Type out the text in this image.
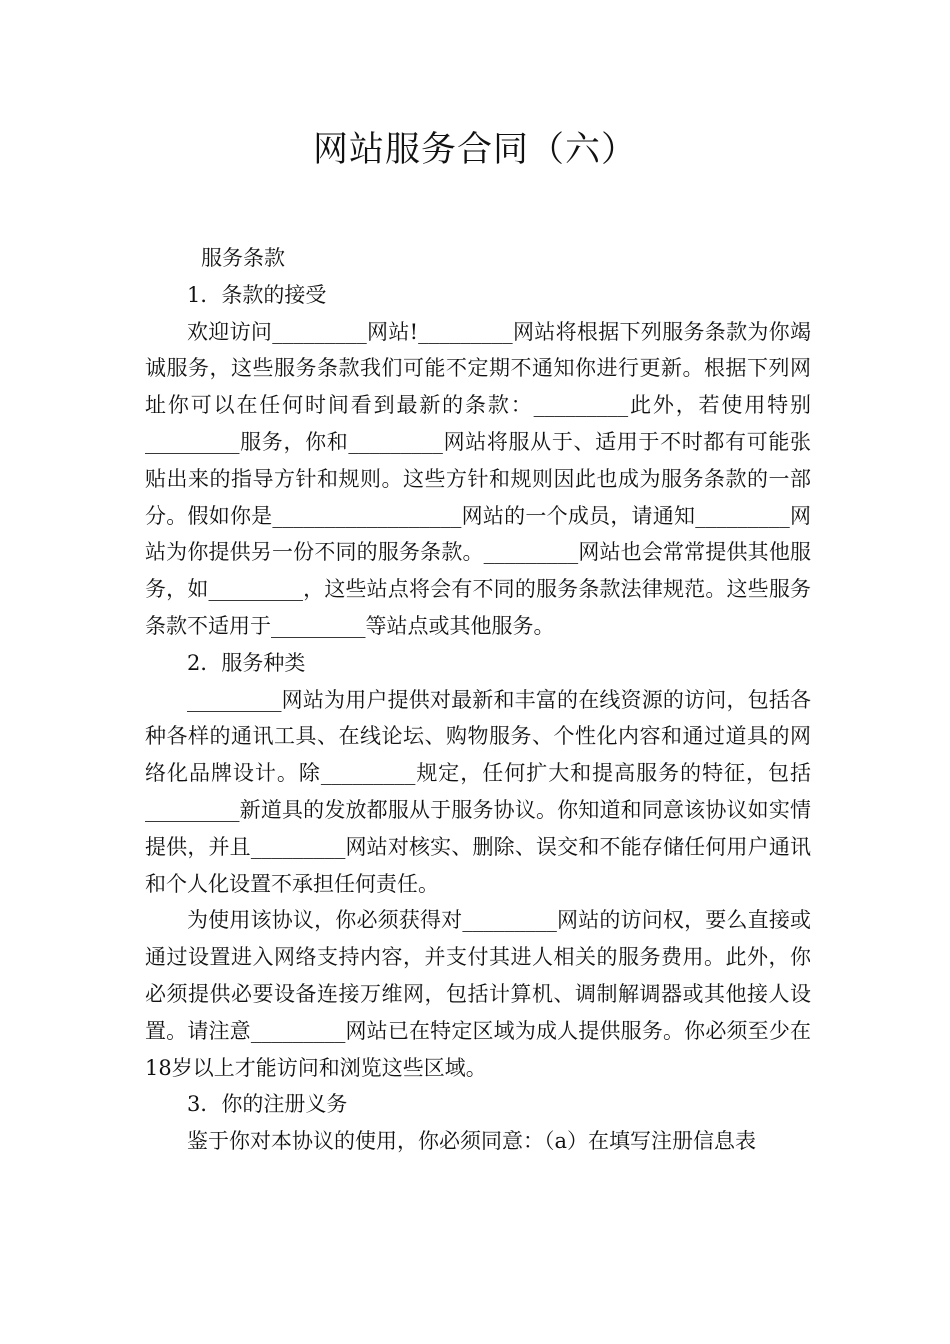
网站服务合同（六）

服务条款

1．条款的接受

欢迎访问_________网站!_________网站将根据下列服务条款为你竭诚服务，这些服务条款我们可能不定期不通知你进行更新。根据下列网址你可以在任何时间看到最新的条款：_________此外，若使用特别_________服务，你和_________网站将服从于、适用于不时都有可能张贴出来的指导方针和规则。这些方针和规则因此也成为服务条款的一部分。假如你是__________________网站的一个成员，请通知_________网站为你提供另一份不同的服务条款。_________网站也会常常提供其他服务，如_________，这些站点将会有不同的服务条款法律规范。这些服务条款不适用于_________等站点或其他服务。

2．服务种类

_________网站为用户提供对最新和丰富的在线资源的访问，包括各种各样的通讯工具、在线论坛、购物服务、个性化内容和通过道具的网络化品牌设计。除_________规定，任何扩大和提高服务的特征，包括_________新道具的发放都服从于服务协议。你知道和同意该协议如实情提供，并且_________网站对核实、删除、误交和不能存储任何用户通讯和个人化设置不承担任何责任。

为使用该协议，你必须获得对_________网站的访问权，要么直接或通过设置进入网络支持内容，并支付其进人相关的服务费用。此外，你必须提供必要设备连接万维网，包括计算机、调制解调器或其他接人设置。请注意_________网站已在特定区域为成人提供服务。你必须至少在18岁以上才能访问和浏览这些区域。

3．你的注册义务

鉴于你对本协议的使用，你必须同意：（a）在填写注册信息表
